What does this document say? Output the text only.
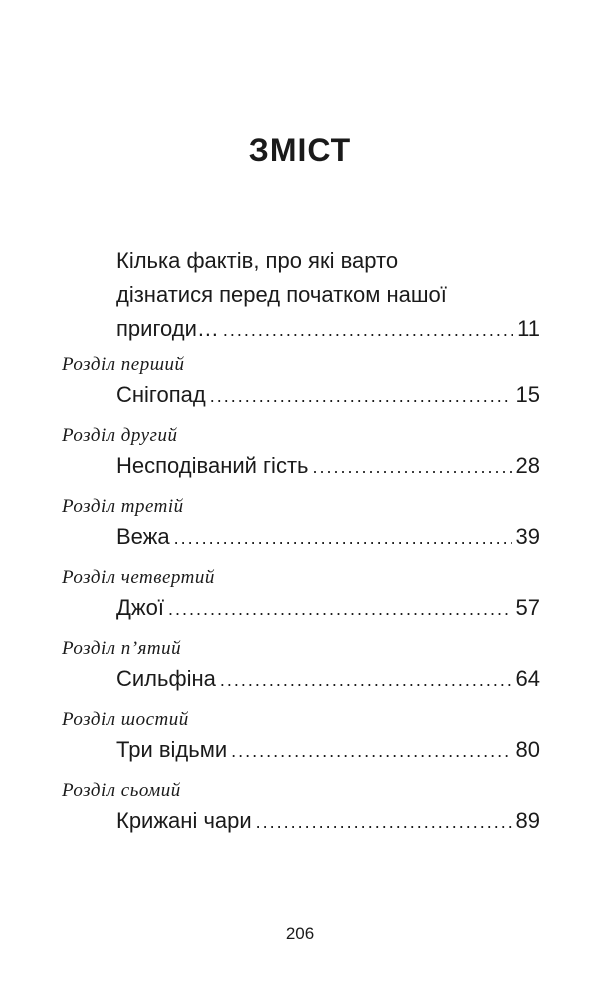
ЗМІСТ
Кілька фактів, про які варто
дізнатися перед початком нашої
пригоди… .....	11
Розділ перший
Снігопад .....	15
Розділ другий
Несподіваний гість .....	28
Розділ третій
Вежа .....	39
Розділ четвертий
Джої .....	57
Розділ п’ятий
Сильфіна .....	64
Розділ шостий
Три відьми .....	80
Розділ сьомий
Крижані чари .....	89
206
